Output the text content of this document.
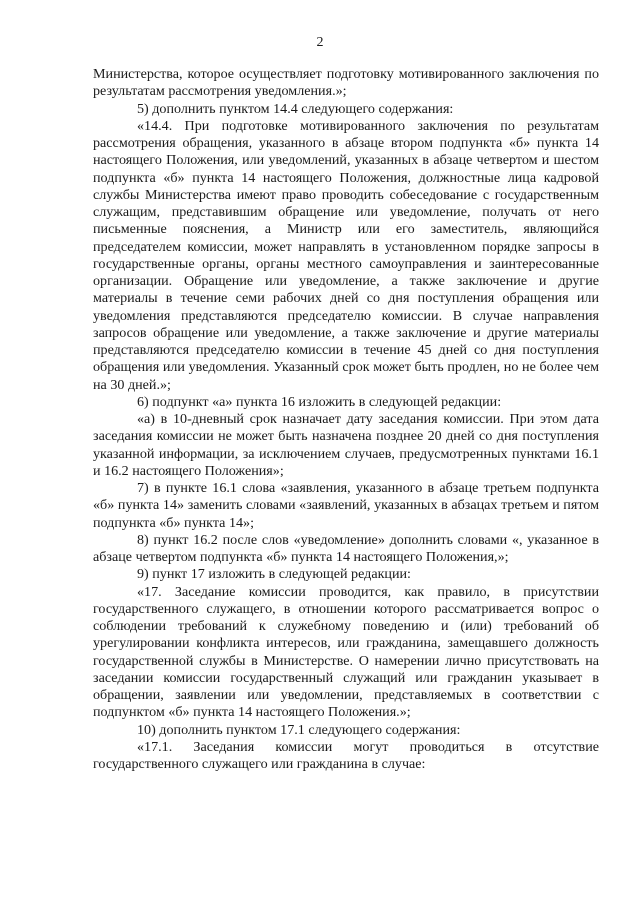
2

Министерства, которое осуществляет подготовку мотивированного заключения по результатам рассмотрения уведомления.»;

5) дополнить пунктом 14.4 следующего содержания:

«14.4. При подготовке мотивированного заключения по результатам рассмотрения обращения, указанного в абзаце втором подпункта «б» пункта 14 настоящего Положения, или уведомлений, указанных в абзаце четвертом и шестом подпункта «б» пункта 14 настоящего Положения, должностные лица кадровой службы Министерства имеют право проводить собеседование с государственным служащим, представившим обращение или уведомление, получать от него письменные пояснения, а Министр или его заместитель, являющийся председателем комиссии, может направлять в установленном порядке запросы в государственные органы, органы местного самоуправления и заинтересованные организации. Обращение или уведомление, а также заключение и другие материалы в течение семи рабочих дней со дня поступления обращения или уведомления представляются председателю комиссии. В случае направления запросов обращение или уведомление, а также заключение и другие материалы представляются председателю комиссии в течение 45 дней со дня поступления обращения или уведомления. Указанный срок может быть продлен, но не более чем на 30 дней.»;

6) подпункт «а» пункта 16 изложить в следующей редакции:

«а) в 10-дневный срок назначает дату заседания комиссии. При этом дата заседания комиссии не может быть назначена позднее 20 дней со дня поступления указанной информации, за исключением случаев, предусмотренных пунктами 16.1 и 16.2 настоящего Положения»;

7) в пункте 16.1 слова «заявления, указанного в абзаце третьем подпункта «б» пункта 14» заменить словами «заявлений, указанных в абзацах третьем и пятом подпункта «б» пункта 14»;

8) пункт 16.2 после слов «уведомление» дополнить словами «, указанное в абзаце четвертом подпункта «б» пункта 14 настоящего Положения,»;

9) пункт 17 изложить в следующей редакции:

«17. Заседание комиссии проводится, как правило, в присутствии государственного служащего, в отношении которого рассматривается вопрос о соблюдении требований к служебному поведению и (или) требований об урегулировании конфликта интересов, или гражданина, замещавшего должность государственной службы в Министерстве. О намерении лично присутствовать на заседании комиссии государственный служащий или гражданин указывает в обращении, заявлении или уведомлении, представляемых в соответствии с подпунктом «б» пункта 14 настоящего Положения.»;

10) дополнить пунктом 17.1 следующего содержания:

«17.1. Заседания комиссии могут проводиться в отсутствие государственного служащего или гражданина в случае:
